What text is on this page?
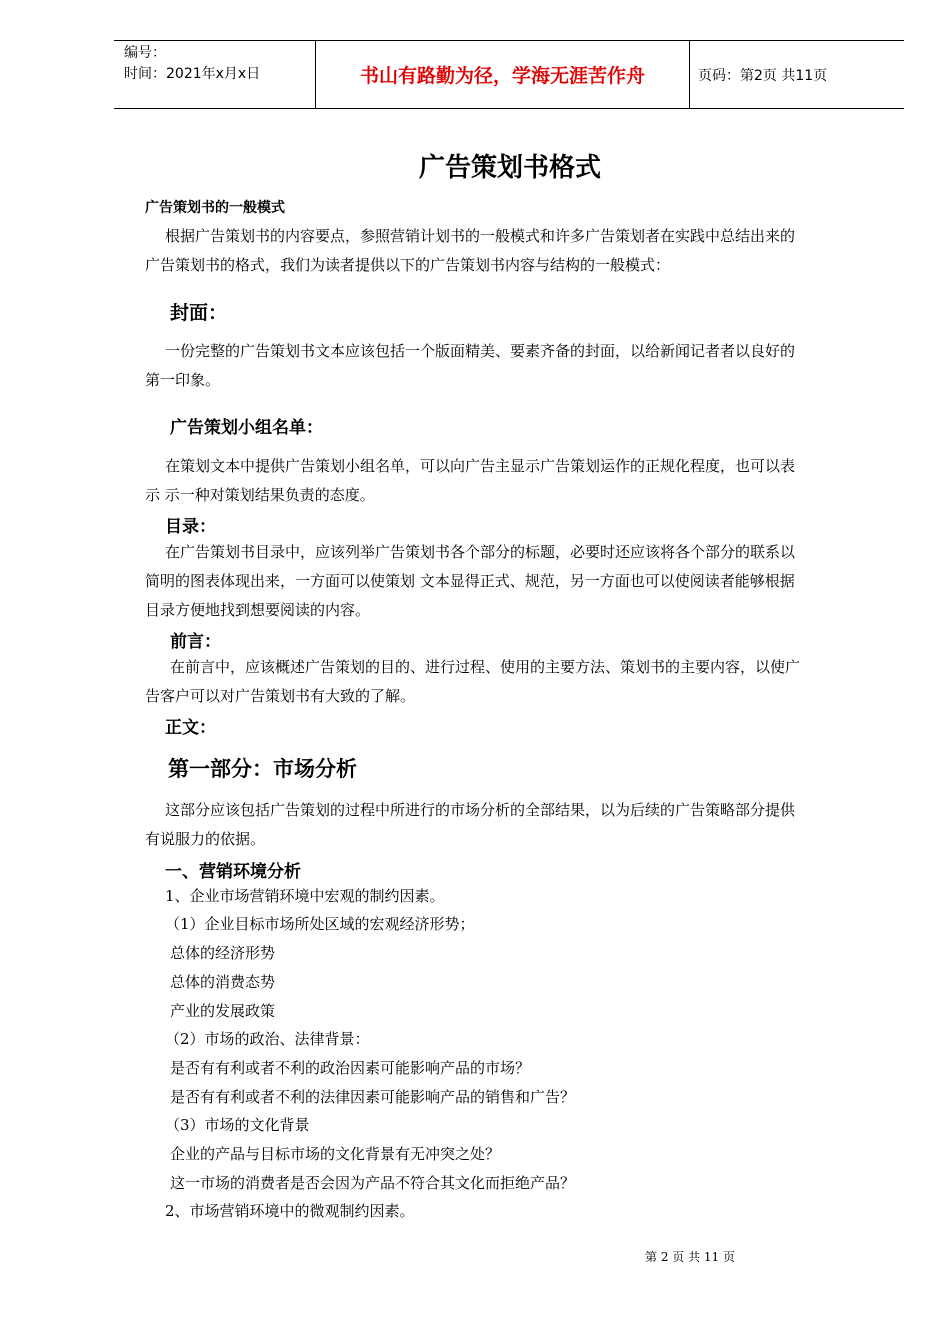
编号：
时间：2021年x月x日	书山有路勤为径，学海无涯苦作舟	页码：第2页 共11页
广告策划书格式
广告策划书的一般模式
根据广告策划书的内容要点，参照营销计划书的一般模式和许多广告策划者在实践中总结出来的
广告策划书的格式，我们为读者提供以下的广告策划书内容与结构的一般模式：
封面：
一份完整的广告策划书文本应该包括一个版面精美、要素齐备的封面，以给新闻记者者以良好的
第一印象。
广告策划小组名单：
在策划文本中提供广告策划小组名单，可以向广告主显示广告策划运作的正规化程度，也可以表
示 示一种对策划结果负责的态度。
目录：
在广告策划书目录中，应该列举广告策划书各个部分的标题，必要时还应该将各个部分的联系以
简明的图表体现出来，一方面可以使策划 文本显得正式、规范，另一方面也可以使阅读者能够根据
目录方便地找到想要阅读的内容。
前言：
在前言中，应该概述广告策划的目的、进行过程、使用的主要方法、策划书的主要内容，以使广
告客户可以对广告策划书有大致的了解。
正文：
第一部分：市场分析
这部分应该包括广告策划的过程中所进行的市场分析的全部结果，以为后续的广告策略部分提供
有说服力的依据。
一、营销环境分析
1、企业市场营销环境中宏观的制约因素。
（1）企业目标市场所处区域的宏观经济形势；
总体的经济形势
总体的消费态势
产业的发展政策
（2）市场的政治、法律背景：
是否有有利或者不利的政治因素可能影响产品的市场？
是否有有利或者不利的法律因素可能影响产品的销售和广告？
（3）市场的文化背景
企业的产品与目标市场的文化背景有无冲突之处？
这一市场的消费者是否会因为产品不符合其文化而拒绝产品？
2、市场营销环境中的微观制约因素。
第 2 页 共 11 页
